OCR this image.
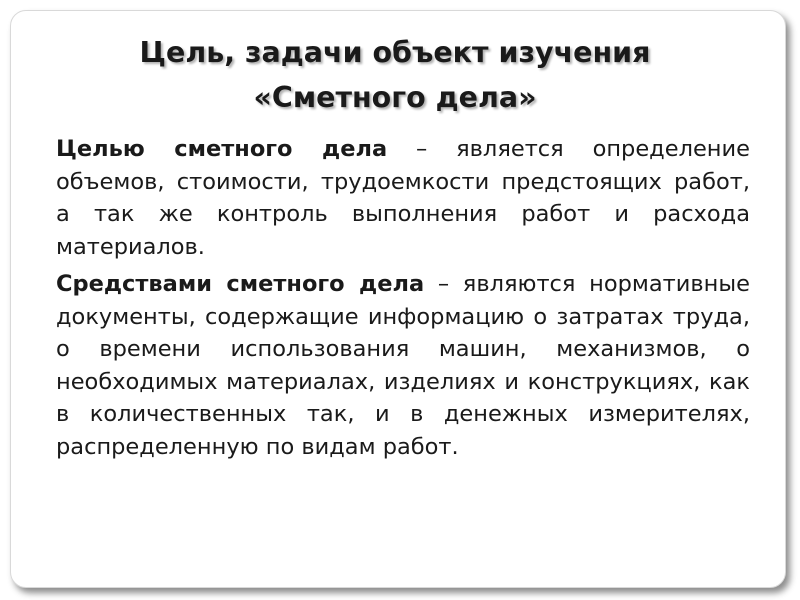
Цель, задачи объект изучения
«Сметного дела»

Целью сметного дела – является определение объемов, стоимости, трудоемкости предстоящих работ, а так же контроль выполнения работ и расхода материалов.

Средствами сметного дела – являются нормативные документы, содержащие информацию о затратах труда, о времени использования машин, механизмов, о необходимых материалах, изделиях и конструкциях, как в количественных так, и в денежных измерителях, распределенную по видам работ.
